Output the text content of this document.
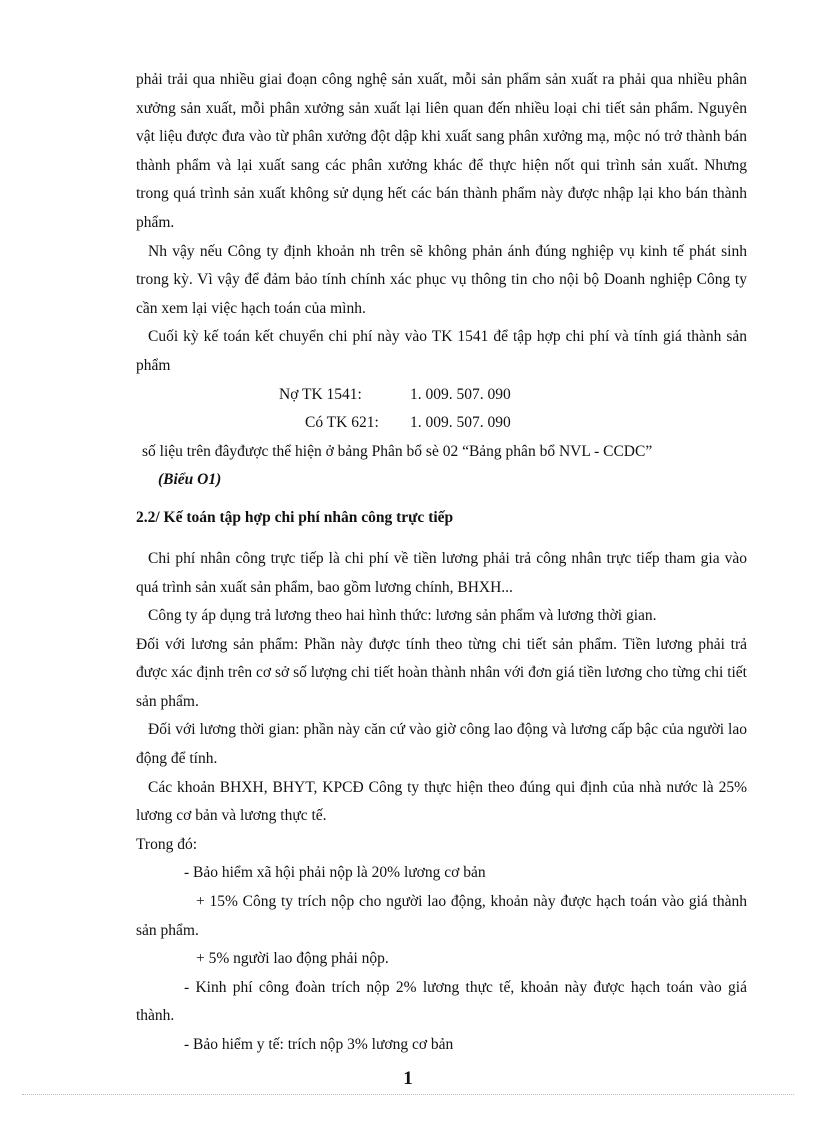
phải trải qua nhiều giai đoạn công nghệ sản xuất, mỗi sản phẩm sản xuất ra phải qua nhiều phân xưởng sản xuất, mỗi phân xưởng sản xuất lại liên quan đến nhiều loại chi tiết sản phẩm. Nguyên vật liệu được đưa vào từ phân xưởng đột dập khi xuất sang phân xưởng mạ, mộc nó trở thành bán thành phẩm và lại xuất sang các phân xưởng khác để thực hiện nốt qui trình sản xuất. Nhưng trong quá trình sản xuất không sử dụng hết các bán thành phẩm này được nhập lại kho bán thành phẩm.

Nh vậy nếu Công ty định khoản nh trên sẽ không phản ánh đúng nghiệp vụ kinh tế phát sinh trong kỳ. Vì vậy để đảm bảo tính chính xác phục vụ thông tin cho nội bộ Doanh nghiệp Công ty cần xem lại việc hạch toán của mình.

Cuối kỳ kế toán kết chuyển chi phí này vào TK 1541 để tập hợp chi phí và tính giá thành sản phẩm

Nợ TK 1541:	1. 009. 507. 090

Có TK 621:	1. 009. 507. 090

số liệu trên đâyđược thể hiện ở bảng Phân bổ sè 02 “Bảng phân bổ NVL - CCDC”

(Biểu O1)

2.2/ Kế toán tập hợp chi phí nhân công trực tiếp

Chi phí nhân công trực tiếp là chi phí về tiền lương phải trả công nhân trực tiếp tham gia vào quá trình sản xuất sản phẩm, bao gồm lương chính, BHXH...

Công ty áp dụng trả lương theo hai hình thức: lương sản phẩm và lương thời gian.

Đối với lương sản phẩm: Phần này được tính theo từng chi tiết sản phẩm. Tiền lương phải trả được xác định trên cơ sở số lượng chi tiết hoàn thành nhân với đơn giá tiền lương cho từng chi tiết sản phẩm.

Đối với lương thời gian: phần này căn cứ vào giờ công lao động và lương cấp bậc của người lao động để tính.

Các khoản BHXH, BHYT, KPCĐ Công ty thực hiện theo đúng qui định của nhà nước là 25% lương cơ bản và lương thực tế.

Trong đó:

- Bảo hiểm xã hội phải nộp là 20% lương cơ bản

+ 15% Công ty trích nộp cho người lao động, khoản này được hạch toán vào giá thành sản phẩm.

+ 5% người lao động phải nộp.

- Kinh phí công đoàn trích nộp 2% lương thực tế, khoản này được hạch toán vào giá thành.

- Bảo hiểm y tế: trích nộp 3% lương cơ bản

1
